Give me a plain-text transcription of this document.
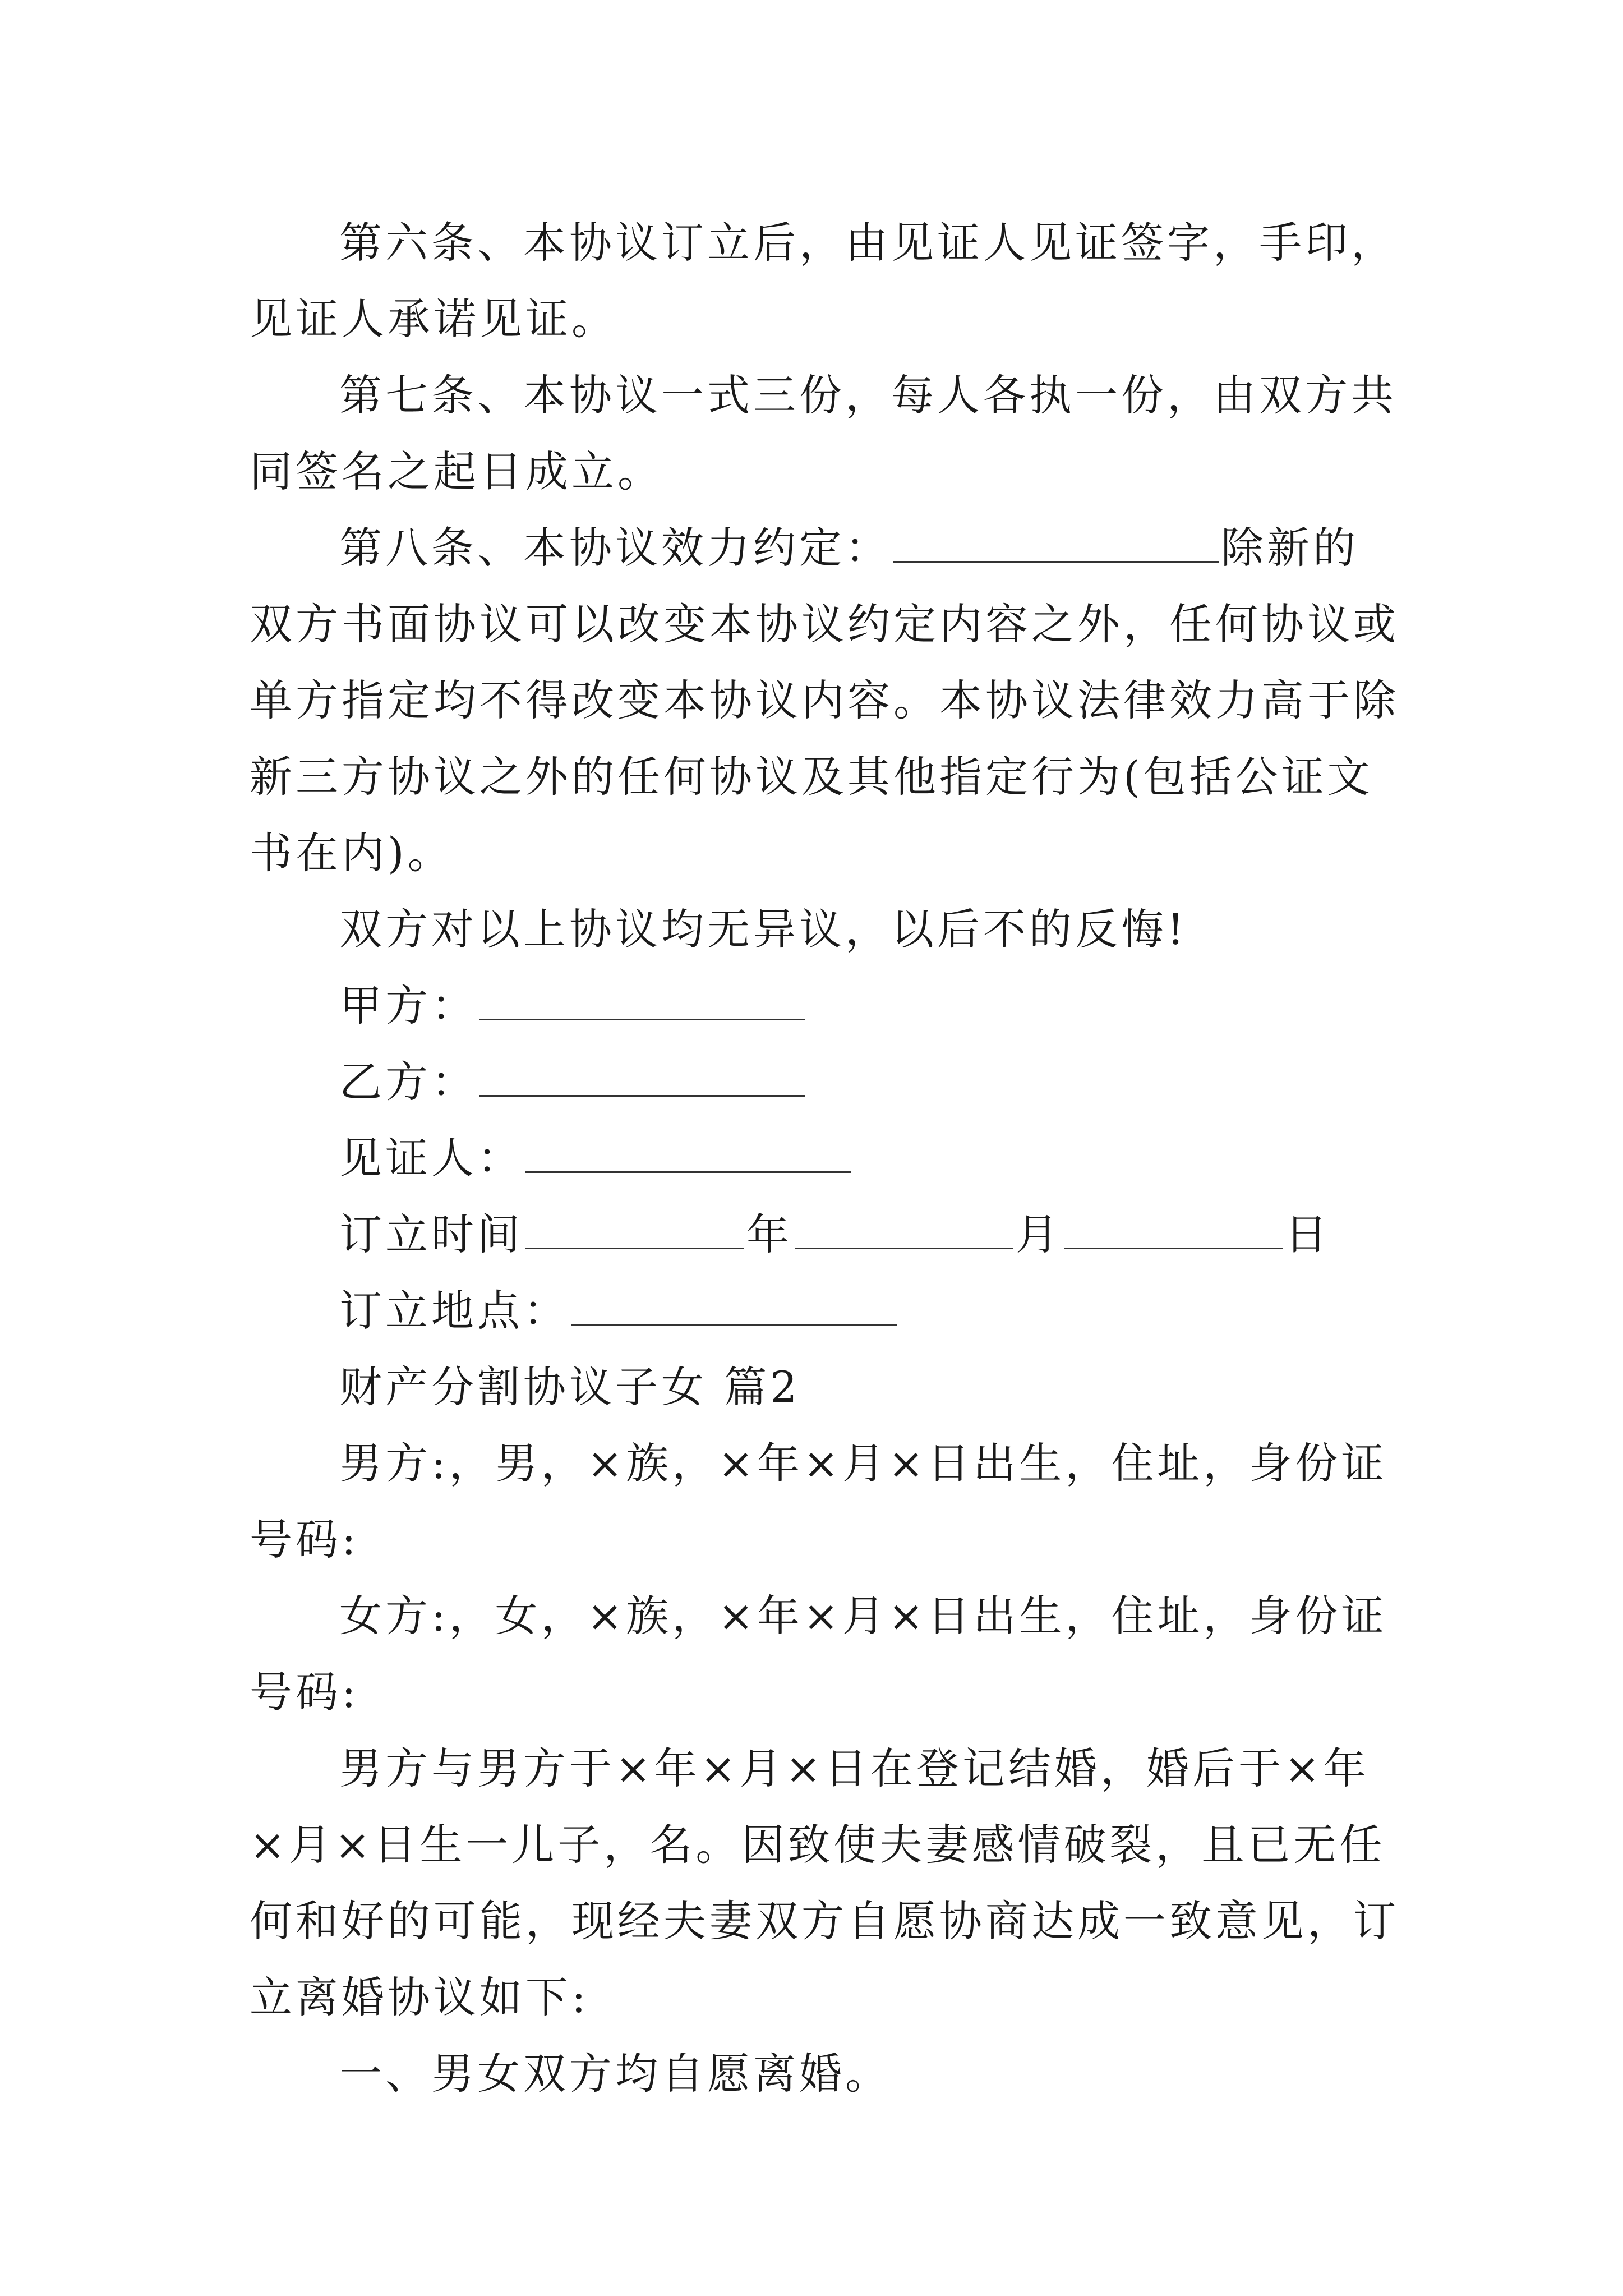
第六条、本协议订立后，由见证人见证签字，手印，见证人承诺见证。

第七条、本协议一式三份，每人各执一份，由双方共同签名之起日成立。

第八条、本协议效力约定：	除新的双方书面协议可以改变本协议约定内容之外，任何协议或单方指定均不得改变本协议内容。本协议法律效力高于除新三方协议之外的任何协议及其他指定行为(包括公证文书在内)。

双方对以上协议均无异议，以后不的反悔!

甲方：

乙方：

见证人：

订立时间	年	月	日

订立地点：

财产分割协议子女 篇2

男方:，男，×族，×年×月×日出生，住址，身份证号码:

女方:，女，×族，×年×月×日出生，住址，身份证号码:

男方与男方于×年×月×日在登记结婚，婚后于×年×月×日生一儿子，名。因致使夫妻感情破裂，且已无任何和好的可能，现经夫妻双方自愿协商达成一致意见，订立离婚协议如下:

一、男女双方均自愿离婚。
